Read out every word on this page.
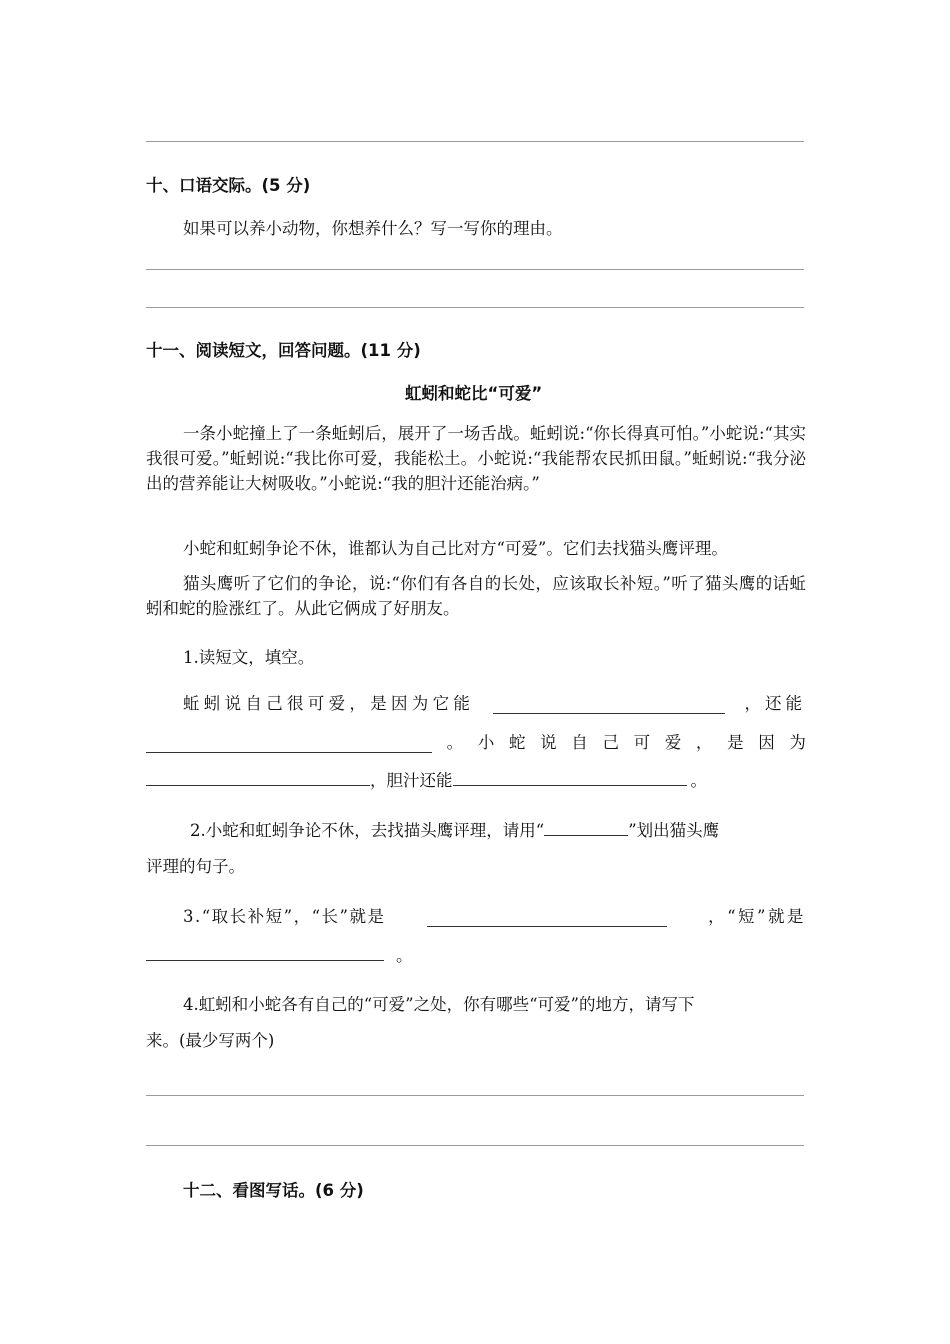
十、口语交际。(5 分)
如果可以养小动物，你想养什么？写一写你的理由。
十一、阅读短文，回答问题。(11 分)
虹蚓和蛇比“可爱”
一条小蛇撞上了一条蚯蚓后，展开了一场舌战。蚯蚓说:“你长得真可怕。”小蛇说:“其实我很可爱。”蚯蚓说:“我比你可爱，我能松土。小蛇说:“我能帮农民抓田鼠。”蚯蚓说:“我分泌出的营养能让大树吸收。”小蛇说:“我的胆汁还能治病。”
小蛇和虹蚓争论不休，谁都认为自己比对方“可爱”。它们去找猫头鹰评理。
猫头鹰听了它们的争论，说:“你们有各自的长处，应该取长补短。”听了猫头鹰的话蚯蚓和蛇的脸涨红了。从此它俩成了好朋友。
1.读短文，填空。
蚯蚓说自己很可爱，是因为它能	，还能
。 小 蛇 说 自 己 可 爱 ， 是 因 为
，胆汁还能	。
2.小蛇和虹蚓争论不休，去找描头鹰评理，请用“	”划出猫头鹰
评理的句子。
3.“取长补短”，“长”就是	，“短”就是
。
4.虹蚓和小蛇各有自己的“可爱”之处，你有哪些“可爱”的地方，请写下
来。(最少写两个)
十二、看图写话。(6 分)
